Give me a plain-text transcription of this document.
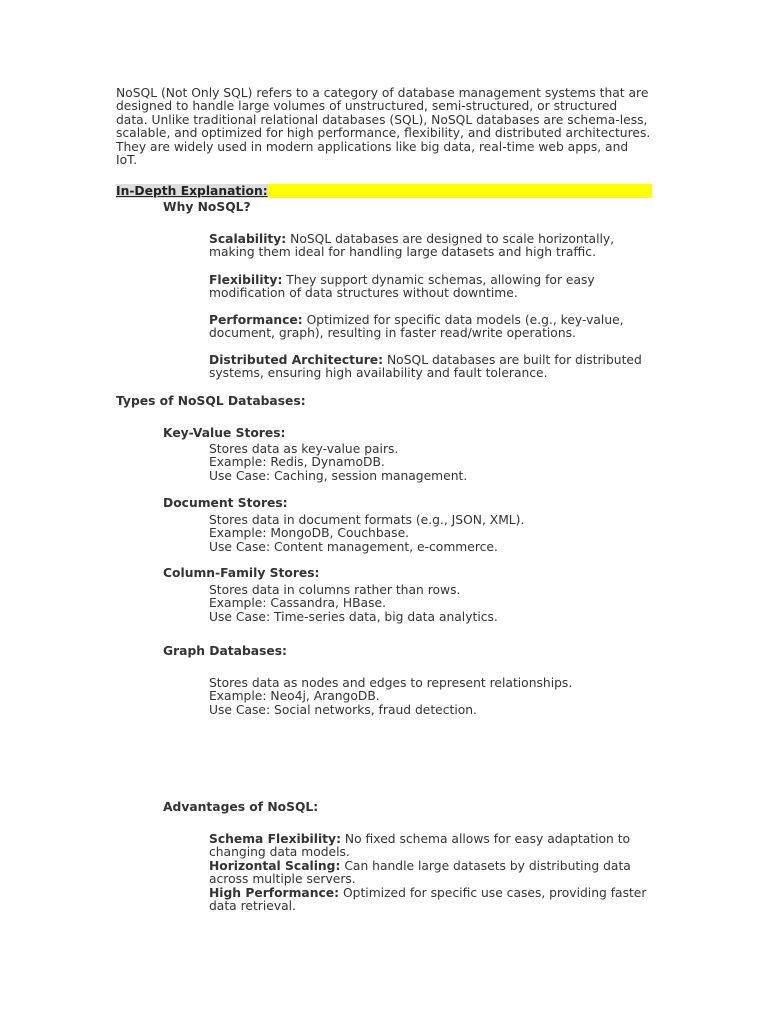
NoSQL (Not Only SQL) refers to a category of database management systems that are
designed to handle large volumes of unstructured, semi-structured, or structured
data. Unlike traditional relational databases (SQL), NoSQL databases are schema-less,
scalable, and optimized for high performance, flexibility, and distributed architectures.
They are widely used in modern applications like big data, real-time web apps, and
IoT.
In-Depth Explanation:
Why NoSQL?
Scalability: NoSQL databases are designed to scale horizontally,
making them ideal for handling large datasets and high traffic.
Flexibility: They support dynamic schemas, allowing for easy
modification of data structures without downtime.
Performance: Optimized for specific data models (e.g., key-value,
document, graph), resulting in faster read/write operations.
Distributed Architecture: NoSQL databases are built for distributed
systems, ensuring high availability and fault tolerance.
Types of NoSQL Databases:
Key-Value Stores:
Stores data as key-value pairs.
Example: Redis, DynamoDB.
Use Case: Caching, session management.
Document Stores:
Stores data in document formats (e.g., JSON, XML).
Example: MongoDB, Couchbase.
Use Case: Content management, e-commerce.
Column-Family Stores:
Stores data in columns rather than rows.
Example: Cassandra, HBase.
Use Case: Time-series data, big data analytics.
Graph Databases:
Stores data as nodes and edges to represent relationships.
Example: Neo4j, ArangoDB.
Use Case: Social networks, fraud detection.
Advantages of NoSQL:
Schema Flexibility: No fixed schema allows for easy adaptation to
changing data models.
Horizontal Scaling: Can handle large datasets by distributing data
across multiple servers.
High Performance: Optimized for specific use cases, providing faster
data retrieval.
